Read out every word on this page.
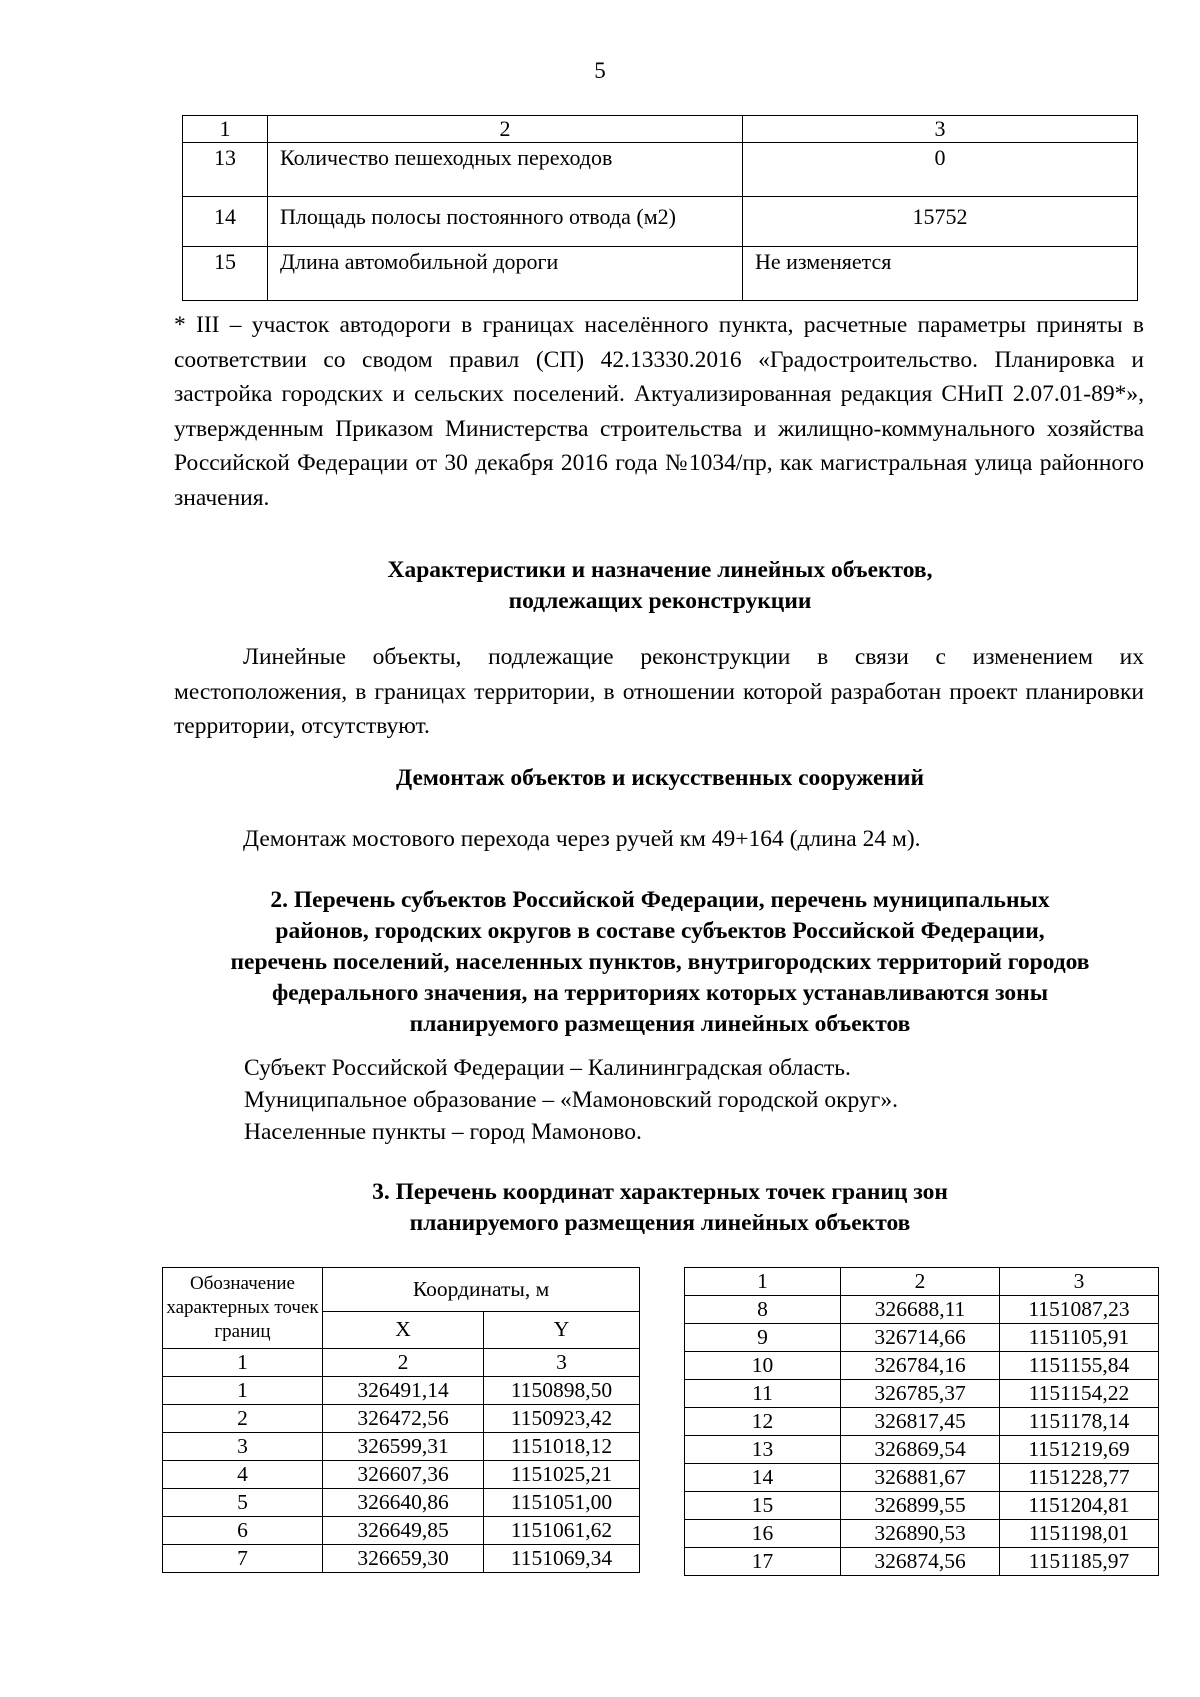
5
1	2	3
13	Количество пешеходных переходов	0
14	Площадь полосы постоянного отвода (м2)	15752
15	Длина автомобильной дороги	Не изменяется

* III – участок автодороги в границах населённого пункта, расчетные параметры приняты в соответствии со сводом правил (СП) 42.13330.2016 «Градостроительство. Планировка и застройка городских и сельских поселений. Актуализированная редакция СНиП 2.07.01-89*», утвержденным Приказом Министерства строительства и жилищно-коммунального хозяйства Российской Федерации от 30 декабря 2016 года №1034/пр, как магистральная улица районного значения.

Характеристики и назначение линейных объектов,
подлежащих реконструкции

Линейные объекты, подлежащие реконструкции в связи с изменением их местоположения, в границах территории, в отношении которой разработан проект планировки территории, отсутствуют.

Демонтаж объектов и искусственных сооружений

Демонтаж мостового перехода через ручей км 49+164 (длина 24 м).

2. Перечень субъектов Российской Федерации, перечень муниципальных
районов, городских округов в составе субъектов Российской Федерации,
перечень поселений, населенных пунктов, внутригородских территорий городов
федерального значения, на территориях которых устанавливаются зоны
планируемого размещения линейных объектов

Субъект Российской Федерации – Калининградская область.

Муниципальное образование – «Мамоновский городской округ».

Населенные пункты – город Мамоново.

3. Перечень координат характерных точек границ зон
планируемого размещения линейных объектов
Обозначение характерных точек границ	Координаты, м	
	X	Y
1	2	3
1	326491,14	1150898,50
2	326472,56	1150923,42
3	326599,31	1151018,12
4	326607,36	1151025,21
5	326640,86	1151051,00
6	326649,85	1151061,62
7	326659,30	1151069,34
1	2	3
8	326688,11	1151087,23
9	326714,66	1151105,91
10	326784,16	1151155,84
11	326785,37	1151154,22
12	326817,45	1151178,14
13	326869,54	1151219,69
14	326881,67	1151228,77
15	326899,55	1151204,81
16	326890,53	1151198,01
17	326874,56	1151185,97
